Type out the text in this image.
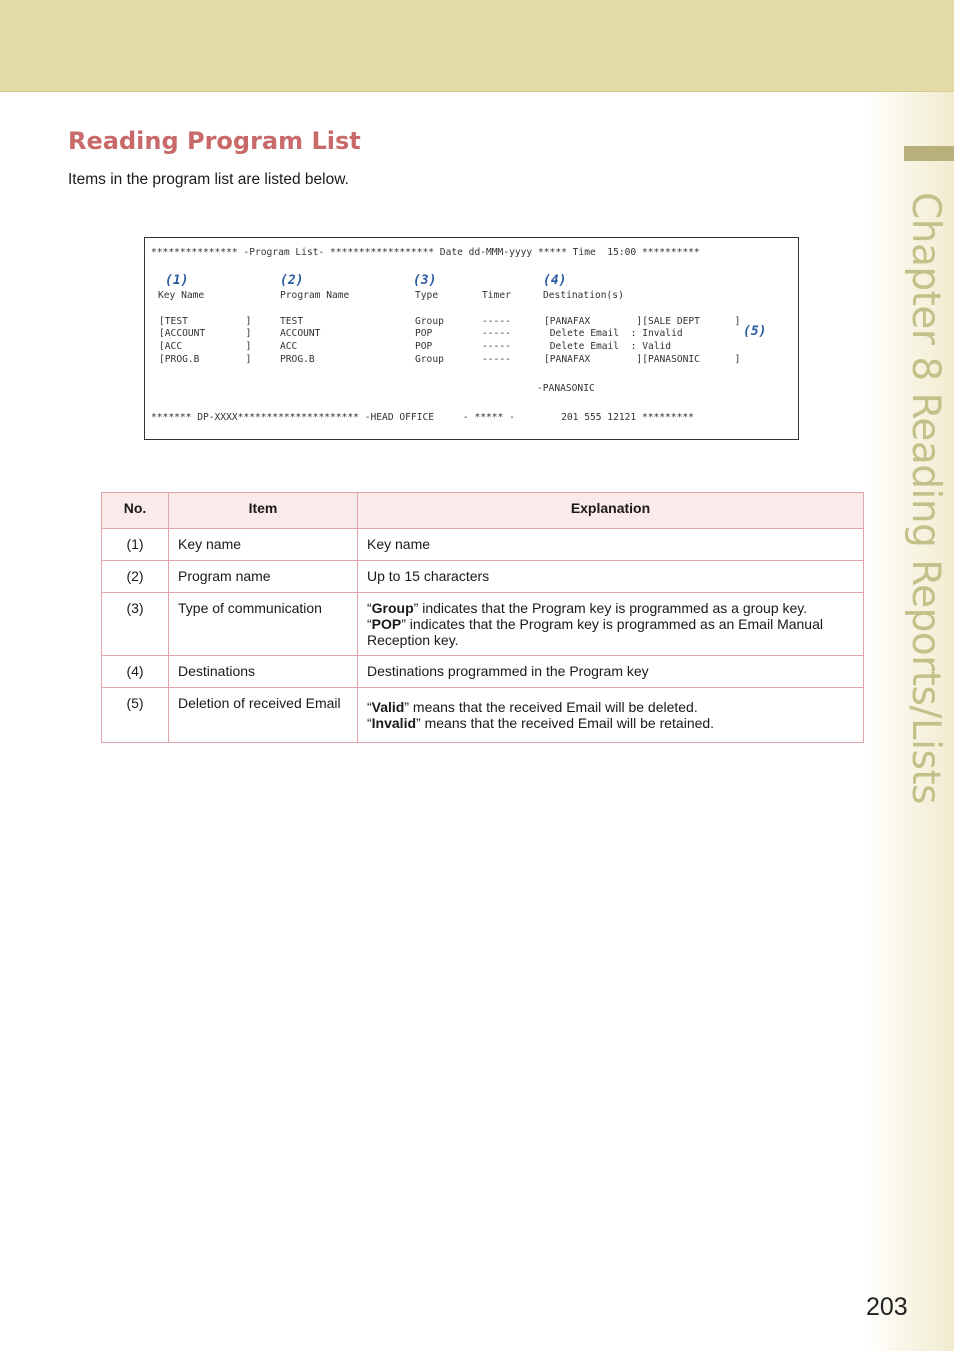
Chapter 8 Reading Reports/Lists
Reading Program List

Items in the program list are listed below.

*************** -Program List- ****************** Date dd-MMM-yyyy ***** Time  15:00 **********
(1)	(2)	(3)	(4)
(5)
Key Name	Program Name	Type	Timer	Destination(s)
[TEST          ]	TEST	Group	-----	[PANAFAX        ][SALE DEPT      ]
[ACCOUNT       ]	ACCOUNT	POP	-----	Delete Email  : Invalid
[ACC           ]	ACC	POP	-----	Delete Email  : Valid
[PROG.B        ]	PROG.B	Group	-----	[PANAFAX        ][PANASONIC      ]
-PANASONIC
******* DP-XXXX********************* -HEAD OFFICE     - ***** -        201 555 12121 *********
No.	Item	Explanation
(1)	Key name	Key name
(2)	Program name	Up to 15 characters
(3)	Type of communication	“Group” indicates that the Program key is programmed as a group key.
“POP” indicates that the Program key is programmed as an Email Manual Reception key.

(4)	Destinations	Destinations programmed in the Program key
(5)	Deletion of received Email	“Valid” means that the received Email will be deleted.
“Invalid” means that the received Email will be retained.
203
